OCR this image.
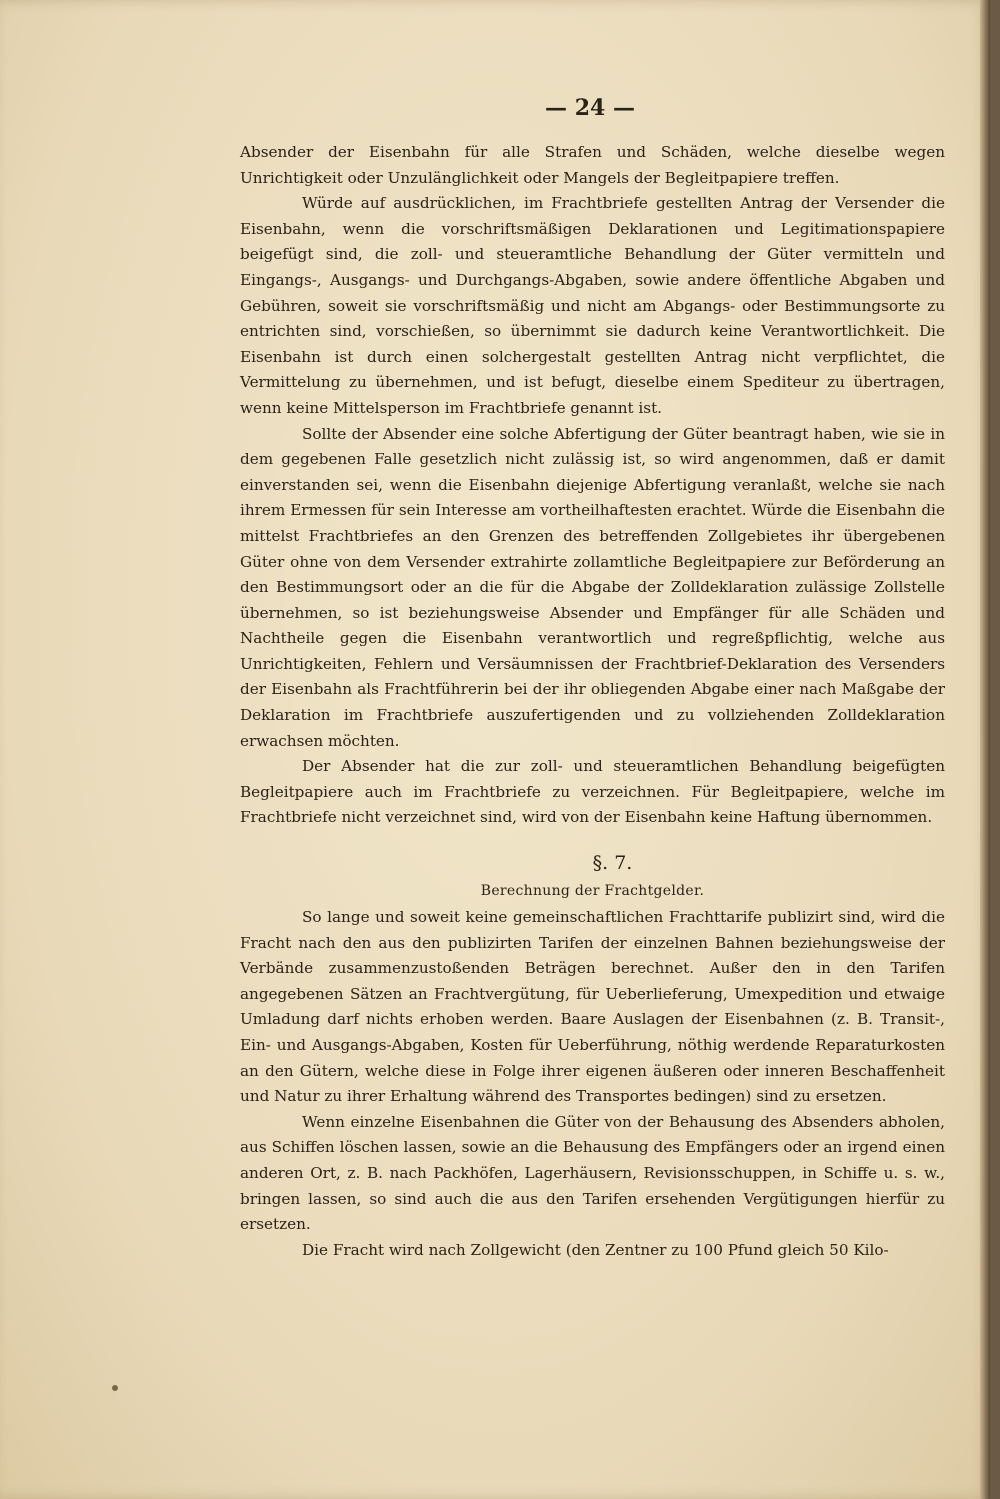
— 24 —

Absender der Eisenbahn für alle Strafen und Schäden, welche dieselbe wegen Unrichtigkeit oder Unzulänglichkeit oder Mangels der Begleitpapiere treffen.

Würde auf ausdrücklichen, im Frachtbriefe gestellten Antrag der Versender die Eisenbahn, wenn die vorschriftsmäßigen Deklarationen und Legitimationspapiere beigefügt sind, die zoll- und steueramtliche Behandlung der Güter vermitteln und Eingangs-, Ausgangs- und Durchgangs-Abgaben, sowie andere öffentliche Abgaben und Gebühren, soweit sie vorschriftsmäßig und nicht am Abgangs- oder Bestimmungsorte zu entrichten sind, vorschießen, so übernimmt sie dadurch keine Verantwortlichkeit. Die Eisenbahn ist durch einen solchergestalt gestellten Antrag nicht verpflichtet, die Vermittelung zu übernehmen, und ist befugt, dieselbe einem Spediteur zu übertragen, wenn keine Mittelsperson im Frachtbriefe genannt ist.

Sollte der Absender eine solche Abfertigung der Güter beantragt haben, wie sie in dem gegebenen Falle gesetzlich nicht zulässig ist, so wird angenommen, daß er damit einverstanden sei, wenn die Eisenbahn diejenige Abfertigung veranlaßt, welche sie nach ihrem Ermessen für sein Interesse am vortheilhaftesten erachtet. Würde die Eisenbahn die mittelst Frachtbriefes an den Grenzen des betreffenden Zollgebietes ihr übergebenen Güter ohne von dem Versender extrahirte zollamtliche Begleitpapiere zur Beförderung an den Bestimmungsort oder an die für die Abgabe der Zolldeklaration zulässige Zollstelle übernehmen, so ist beziehungsweise Absender und Empfänger für alle Schäden und Nachtheile gegen die Eisenbahn verantwortlich und regreßpflichtig, welche aus Unrichtigkeiten, Fehlern und Versäumnissen der Frachtbrief-Deklaration des Versenders der Eisenbahn als Frachtführerin bei der ihr obliegenden Abgabe einer nach Maßgabe der Deklaration im Frachtbriefe auszufertigenden und zu vollziehenden Zolldeklaration erwachsen möchten.

Der Absender hat die zur zoll- und steueramtlichen Behandlung beigefügten Begleitpapiere auch im Frachtbriefe zu verzeichnen. Für Begleitpapiere, welche im Frachtbriefe nicht verzeichnet sind, wird von der Eisenbahn keine Haftung übernommen.

§. 7.
Berechnung der Frachtgelder.

So lange und soweit keine gemeinschaftlichen Frachttarife publizirt sind, wird die Fracht nach den aus den publizirten Tarifen der einzelnen Bahnen beziehungsweise der Verbände zusammenzustoßenden Beträgen berechnet. Außer den in den Tarifen angegebenen Sätzen an Frachtvergütung, für Ueberlieferung, Umexpedition und etwaige Umladung darf nichts erhoben werden. Baare Auslagen der Eisenbahnen (z. B. Transit-, Ein- und Ausgangs-Abgaben, Kosten für Ueberführung, nöthig werdende Reparaturkosten an den Gütern, welche diese in Folge ihrer eigenen äußeren oder inneren Beschaffenheit und Natur zu ihrer Erhaltung während des Transportes bedingen) sind zu ersetzen.

Wenn einzelne Eisenbahnen die Güter von der Behausung des Absenders abholen, aus Schiffen löschen lassen, sowie an die Behausung des Empfängers oder an irgend einen anderen Ort, z. B. nach Packhöfen, Lagerhäusern, Revisionsschuppen, in Schiffe u. s. w., bringen lassen, so sind auch die aus den Tarifen ersehenden Vergütigungen hierfür zu ersetzen.

Die Fracht wird nach Zollgewicht (den Zentner zu 100 Pfund gleich 50 Kilo-
